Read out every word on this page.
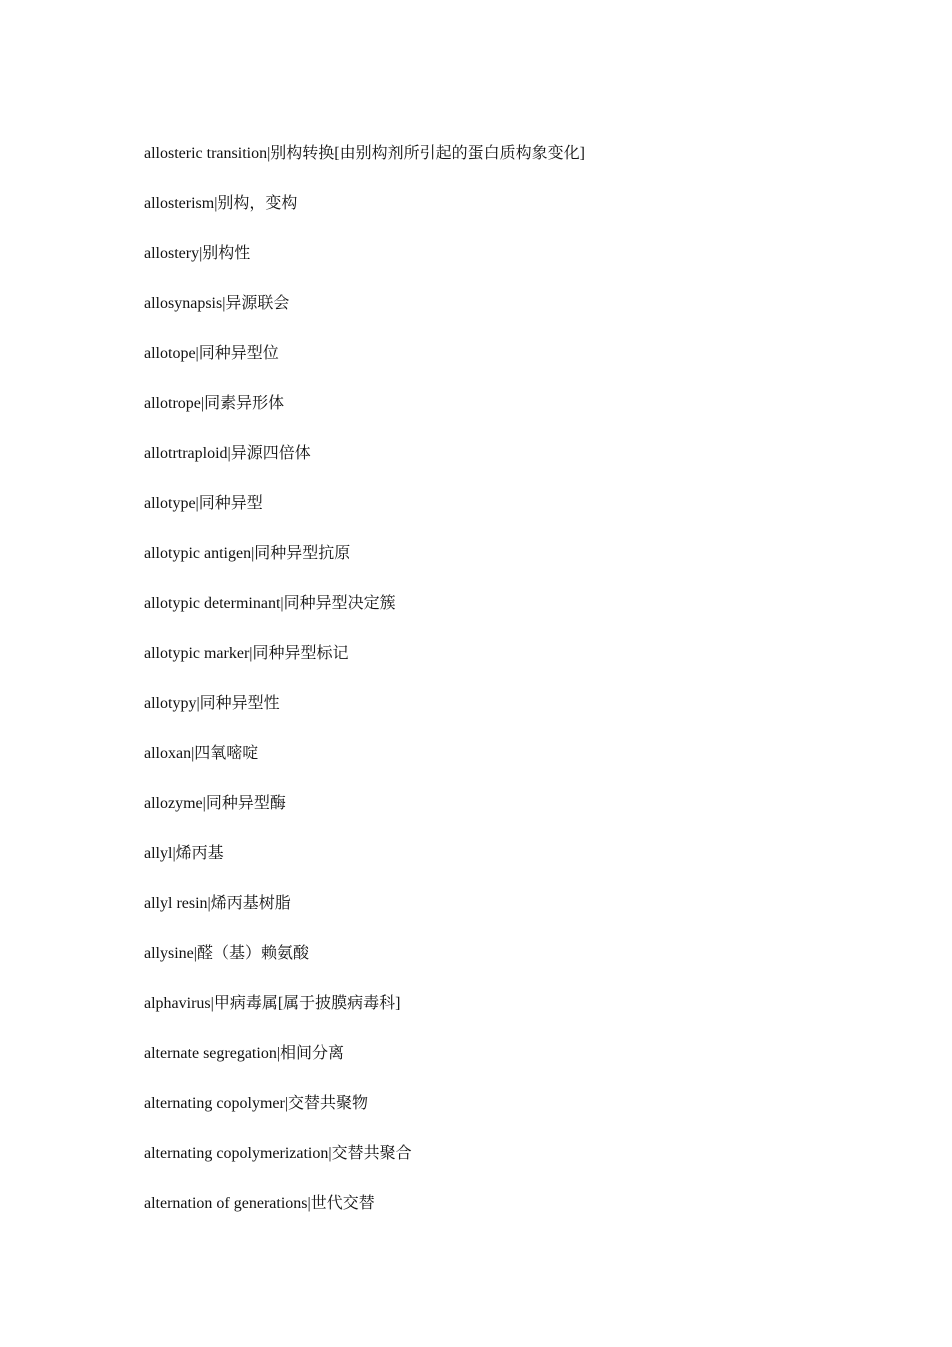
allosteric transition|别构转换[由别构剂所引起的蛋白质构象变化]
allosterism|别构，变构
allostery|别构性
allosynapsis|异源联会
allotope|同种异型位
allotrope|同素异形体
allotrtraploid|异源四倍体
allotype|同种异型
allotypic antigen|同种异型抗原
allotypic determinant|同种异型决定簇
allotypic marker|同种异型标记
allotypy|同种异型性
alloxan|四氧嘧啶
allozyme|同种异型酶
allyl|烯丙基
allyl resin|烯丙基树脂
allysine|醛（基）赖氨酸
alphavirus|甲病毒属[属于披膜病毒科]
alternate segregation|相间分离
alternating copolymer|交替共聚物
alternating copolymerization|交替共聚合
alternation of generations|世代交替
